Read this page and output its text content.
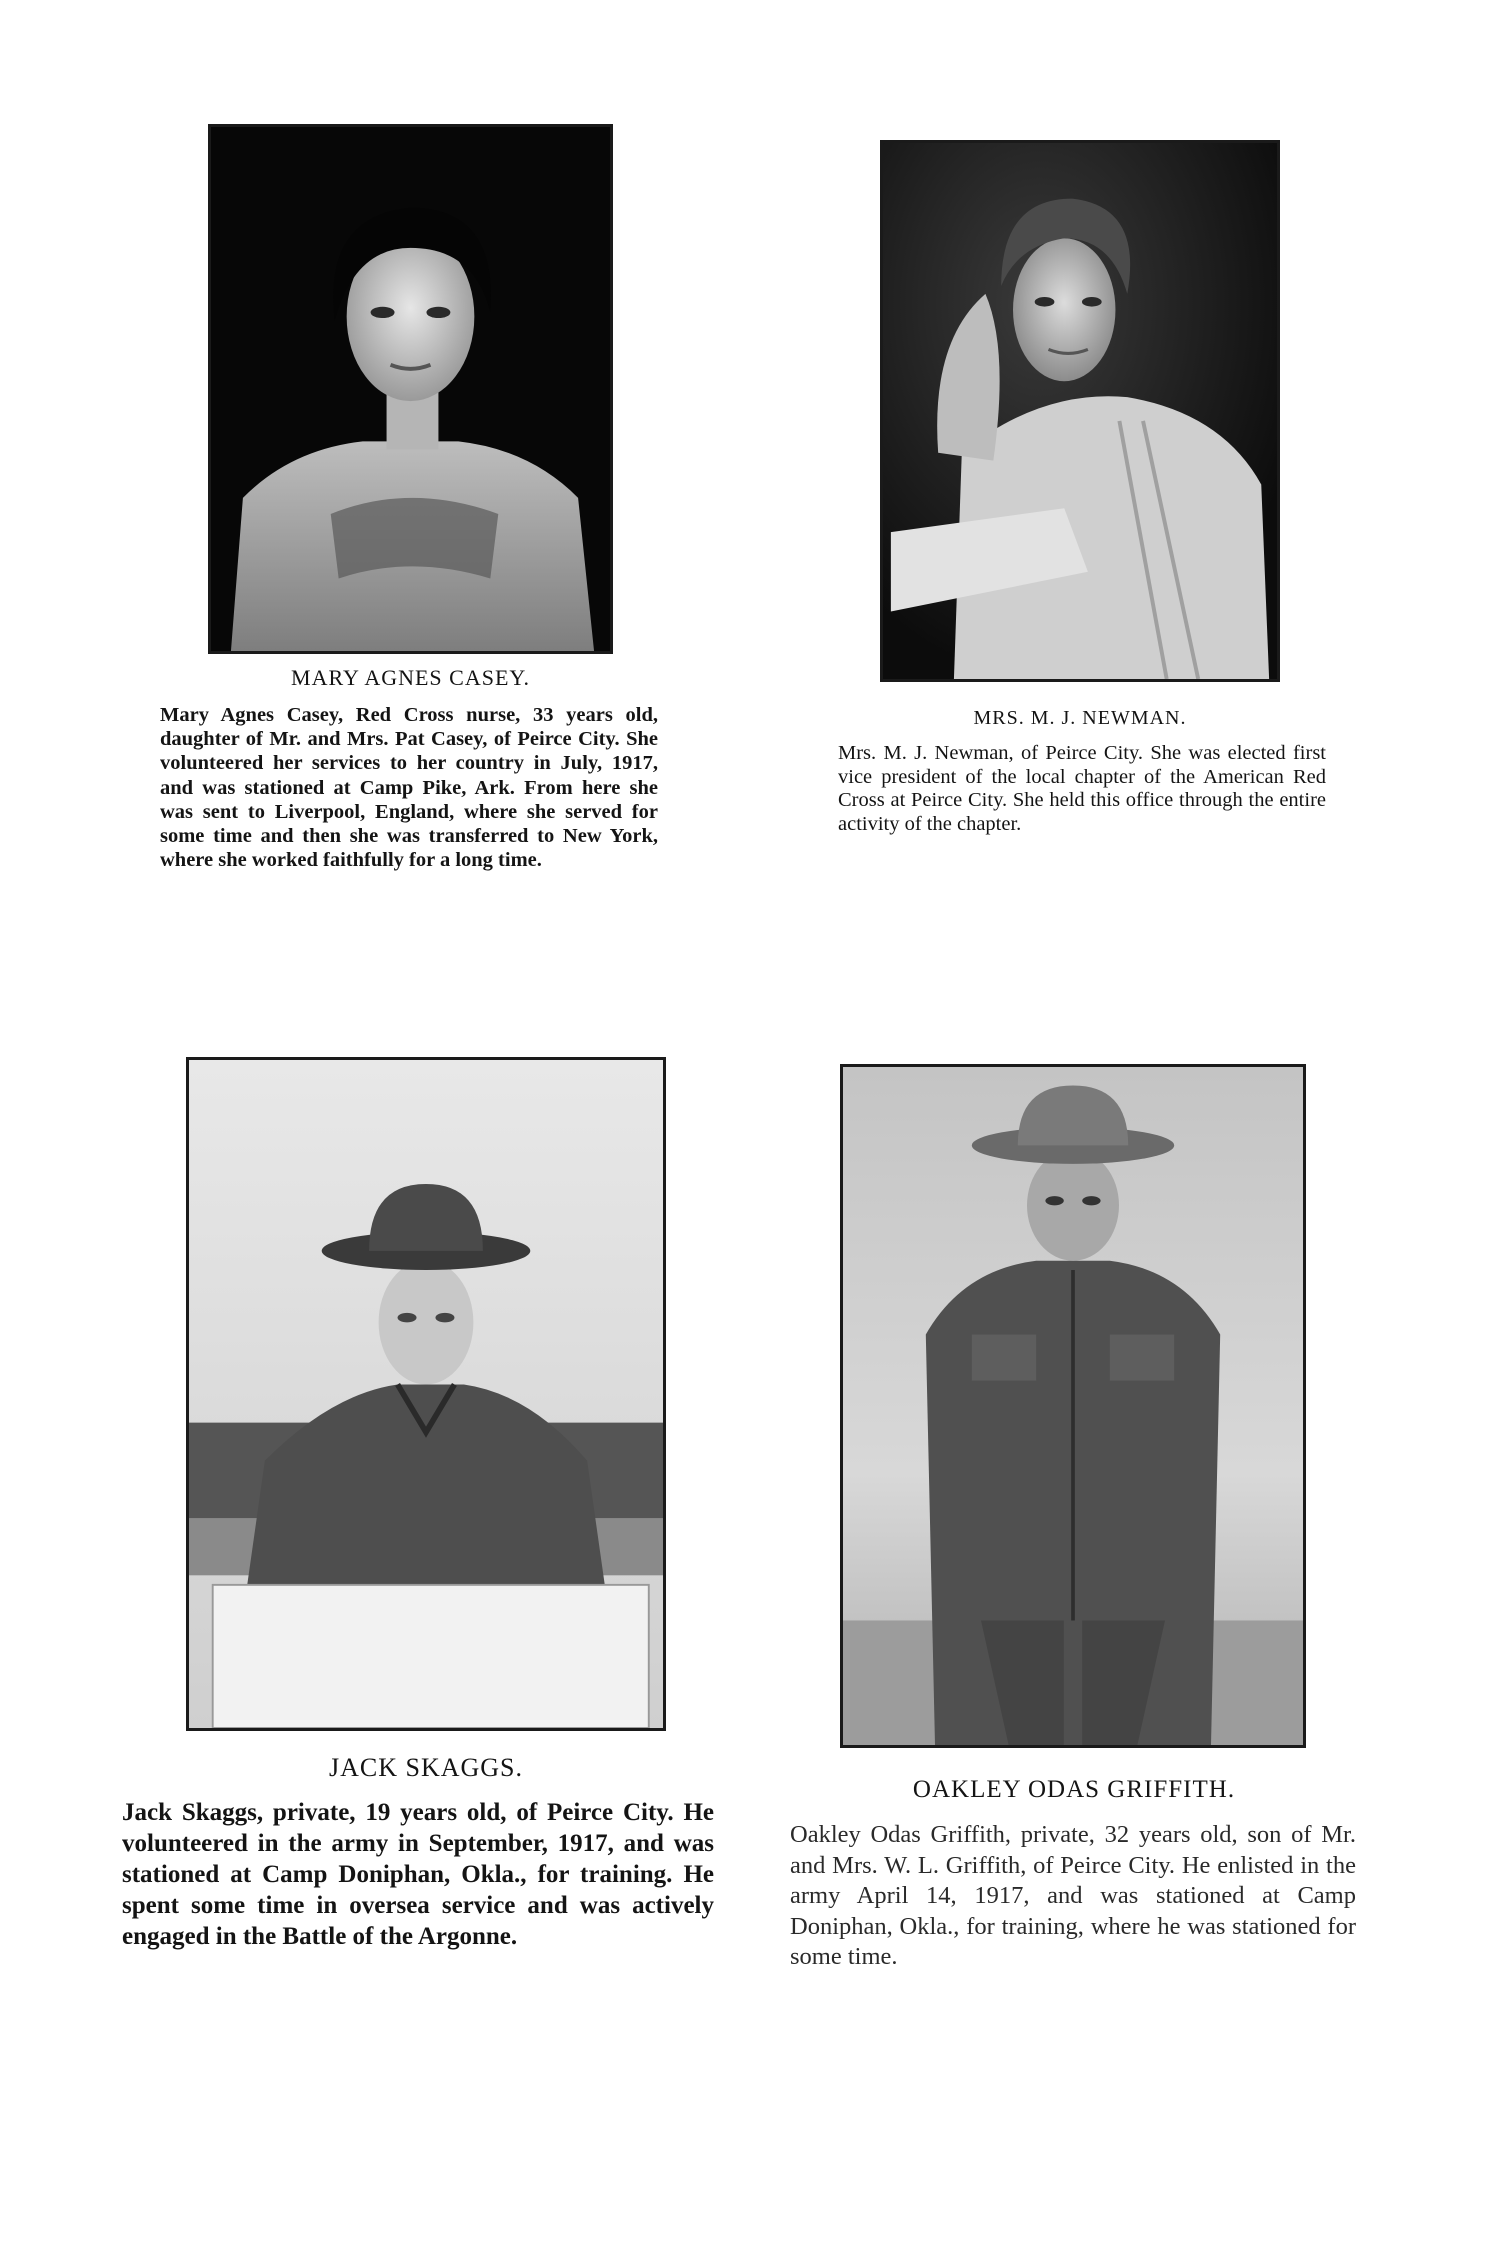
MARY AGNES CASEY.

Mary Agnes Casey, Red Cross nurse, 33 years old, daughter of Mr. and Mrs. Pat Casey, of Peirce City. She volunteered her services to her country in July, 1917, and was stationed at Camp Pike, Ark. From here she was sent to Liverpool, England, where she served for some time and then she was transferred to New York, where she worked faithfully for a long time.

MRS. M. J. NEWMAN.

Mrs. M. J. Newman, of Peirce City. She was elected first vice president of the local chapter of the American Red Cross at Peirce City. She held this office through the entire activity of the chapter.

JACK SKAGGS.

Jack Skaggs, private, 19 years old, of Peirce City. He volunteered in the army in September, 1917, and was stationed at Camp Doniphan, Okla., for training. He spent some time in oversea service and was actively engaged in the Battle of the Argonne.

OAKLEY ODAS GRIFFITH.

Oakley Odas Griffith, private, 32 years old, son of Mr. and Mrs. W. L. Griffith, of Peirce City. He enlisted in the army April 14, 1917, and was stationed at Camp Doniphan, Okla., for training, where he was stationed for some time.
